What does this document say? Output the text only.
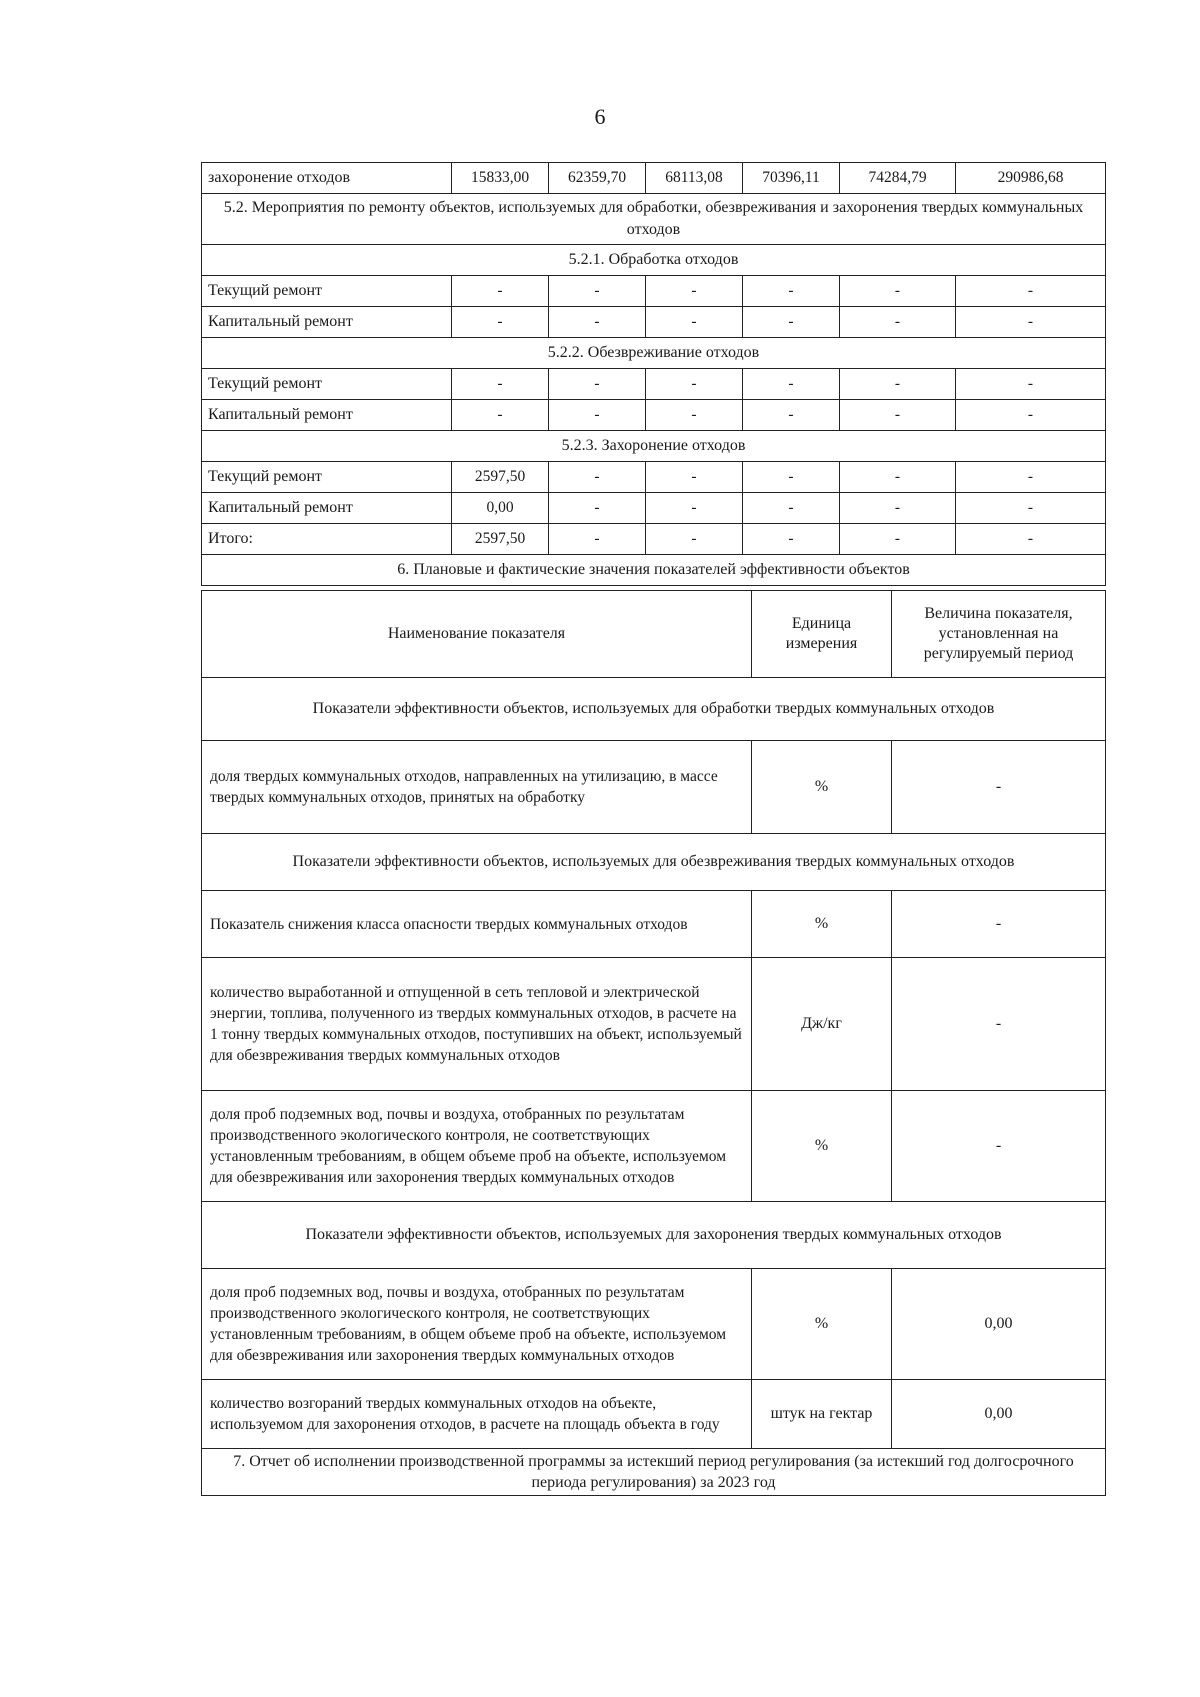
6
захоронение отходов	15833,00	62359,70	68113,08	70396,11	74284,79	290986,68
5.2. Мероприятия по ремонту объектов, используемых для обработки, обезвреживания и захоронения твердых коммунальных отходов						
5.2.1. Обработка отходов						
Текущий ремонт	-	-	-	-	-	-
Капитальный ремонт	-	-	-	-	-	-
5.2.2. Обезвреживание отходов						
Текущий ремонт	-	-	-	-	-	-
Капитальный ремонт	-	-	-	-	-	-
5.2.3. Захоронение отходов						
Текущий ремонт	2597,50	-	-	-	-	-
Капитальный ремонт	0,00	-	-	-	-	-
Итого:	2597,50	-	-	-	-	-
6. Плановые и фактические значения показателей эффективности объектов						
Наименование показателя	Единица измерения	Величина показателя, установленная на регулируемый период
Показатели эффективности объектов, используемых для обработки твердых коммунальных отходов		
доля твердых коммунальных отходов, направленных на утилизацию, в массе твердых коммунальных отходов, принятых на обработку	%	-
Показатели эффективности объектов, используемых для обезвреживания твердых коммунальных отходов		
Показатель снижения класса опасности твердых коммунальных отходов	%	-
количество выработанной и отпущенной в сеть тепловой и электрической энергии, топлива, полученного из твердых коммунальных отходов, в расчете на 1 тонну твердых коммунальных отходов, поступивших на объект, используемый для обезвреживания твердых коммунальных отходов	Дж/кг	-
доля проб подземных вод, почвы и воздуха, отобранных по результатам производственного экологического контроля, не соответствующих установленным требованиям, в общем объеме проб на объекте, используемом для обезвреживания или захоронения твердых коммунальных отходов	%	-
Показатели эффективности объектов, используемых для захоронения твердых коммунальных отходов		
доля проб подземных вод, почвы и воздуха, отобранных по результатам производственного экологического контроля, не соответствующих установленным требованиям, в общем объеме проб на объекте, используемом для обезвреживания или захоронения твердых коммунальных отходов	%	0,00
количество возгораний твердых коммунальных отходов на объекте, используемом для захоронения отходов, в расчете на площадь объекта в году	штук на гектар	0,00
7. Отчет об исполнении производственной программы за истекший период регулирования (за истекший год долгосрочного периода регулирования) за 2023 год		
